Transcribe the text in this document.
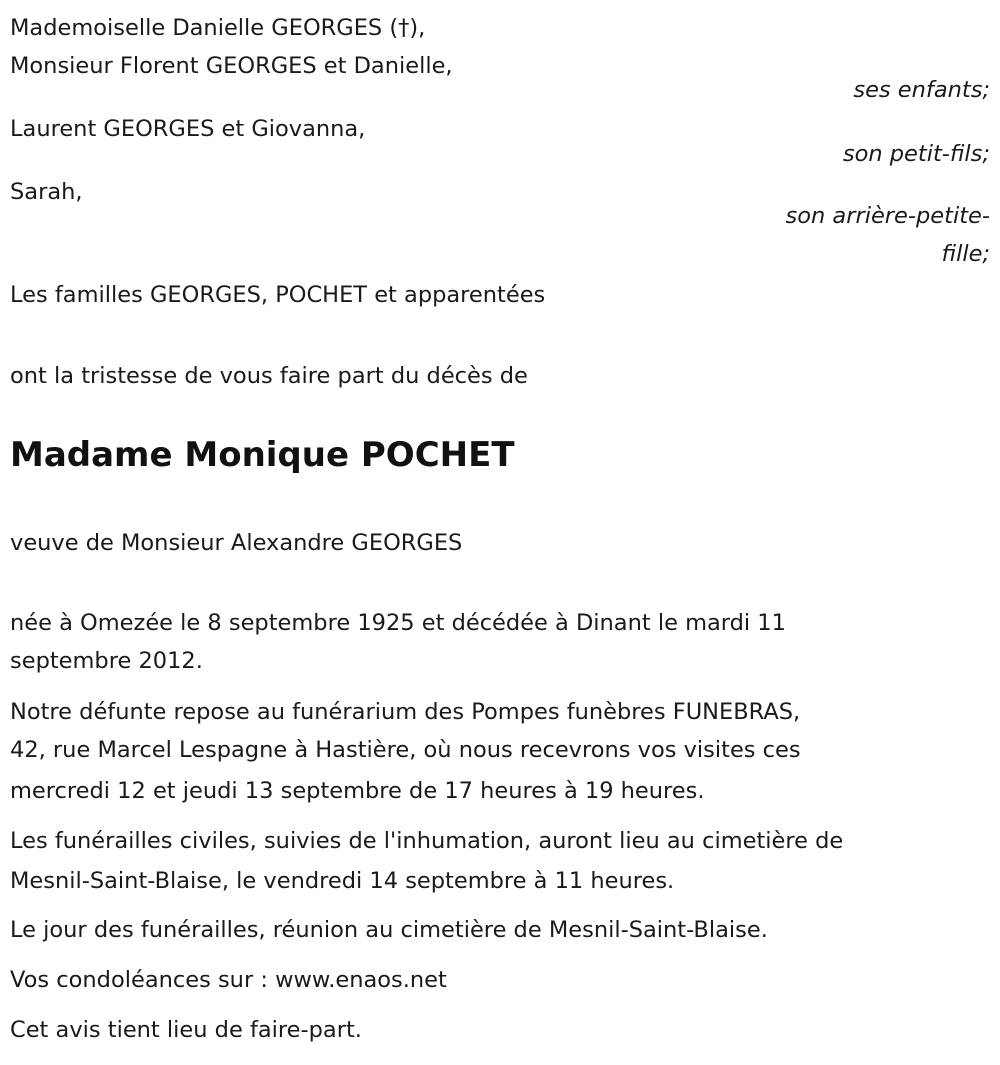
Mademoiselle Danielle GEORGES (†),
Monsieur Florent GEORGES et Danielle,
ses enfants;
Laurent GEORGES et Giovanna,
son petit-fils;
Sarah,
son arrière-petite-
fille;
Les familles GEORGES, POCHET et apparentées
ont la tristesse de vous faire part du décès de
Madame Monique POCHET
veuve de Monsieur Alexandre GEORGES
née à Omezée le 8 septembre 1925 et décédée à Dinant le mardi 11
septembre 2012.
Notre défunte repose au funérarium des Pompes funèbres FUNEBRAS,
42, rue Marcel Lespagne à Hastière, où nous recevrons vos visites ces
mercredi 12 et jeudi 13 septembre de 17 heures à 19 heures.
Les funérailles civiles, suivies de l'inhumation, auront lieu au cimetière de
Mesnil-Saint-Blaise, le vendredi 14 septembre à 11 heures.
Le jour des funérailles, réunion au cimetière de Mesnil-Saint-Blaise.
Vos condoléances sur : www.enaos.net
Cet avis tient lieu de faire-part.
